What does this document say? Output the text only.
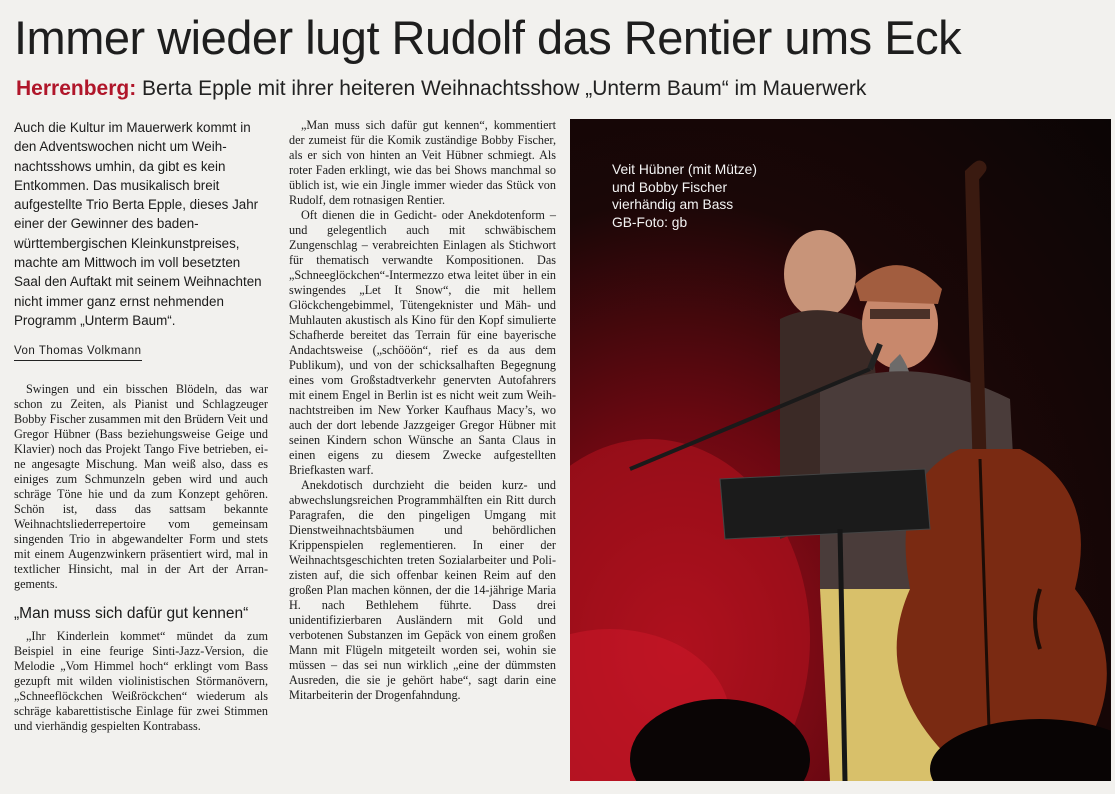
Immer wieder lugt Rudolf das Rentier ums Eck
Herrenberg: Berta Epple mit ihrer heiteren Weihnachtsshow „Unterm Baum“ im Mauerwerk
Auch die Kultur im Mauerwerk kommt in den Adventswochen nicht um Weihnachtsshows umhin, da gibt es kein Entkommen. Das musikalisch breit aufgestellte Trio Berta Epple, dieses Jahr einer der Gewinner des baden-württembergischen Kleinkunstpreises, machte am Mittwoch im voll besetzten Saal den Auftakt mit seinem Weihnachten nicht immer ganz ernst nehmenden Programm „Unterm Baum“.
Von Thomas Volkmann

Swingen und ein bisschen Blödeln, das war schon zu Zeiten, als Pianist und Schlagzeuger Bobby Fischer zusammen mit den Brüdern Veit und Gregor Hübner (Bass beziehungsweise Geige und Klavier) noch das Projekt Tango Five betrieben, eine angesagte Mischung. Man weiß also, dass es einiges zum Schmunzeln geben wird und auch schräge Töne hie und da zum Konzept gehören. Schön ist, dass das sattsam bekannte Weihnachtsliederrepertoire vom gemeinsam singenden Trio in abgewandelter Form und stets mit einem Augenzwinkern präsentiert wird, mal in textlicher Hinsicht, mal in der Art der Arrangements.

„Man muss sich dafür gut kennen“

„Ihr Kinderlein kommet“ mündet da zum Beispiel in eine feurige Sinti-Jazz-Version, die Melodie „Vom Himmel hoch“ erklingt vom Bass gezupft mit wilden violinistischen Störmanövern, „Schneeflöckchen Weißröckchen“ wiederum als schräge kabarettistische Einlage für zwei Stimmen und vierhändig gespielten Kontrabass.

„Man muss sich dafür gut kennen“, kommentiert der zumeist für die Komik zuständige Bobby Fischer, als er sich von hinten an Veit Hübner schmiegt. Als roter Faden erklingt, wie das bei Shows manchmal so üblich ist, wie ein Jingle immer wieder das Stück von Rudolf, dem rotnasigen Rentier.

Oft dienen die in Gedicht- oder Anekdotenform – und gelegentlich auch mit schwäbischem Zungenschlag – verabreichten Einlagen als Stichwort für thematisch verwandte Kompositionen. Das „Schneeglöckchen“-Intermezzo etwa leitet über in ein swingendes „Let It Snow“, die mit hellem Glöckchengebimmel, Tütengeknister und Mäh- und Muhlauten akustisch als Kino für den Kopf simulierte Schafherde bereitet das Terrain für eine bayerische Andachtsweise („schööön“, rief es da aus dem Publikum), und von der schicksalhaften Begegnung eines vom Großstadtverkehr genervten Autofahrers mit einem Engel in Berlin ist es nicht weit zum Weihnachtstreiben im New Yorker Kaufhaus Macy’s, wo auch der dort lebende Jazzgeiger Gregor Hübner mit seinen Kindern schon Wünsche an Santa Claus in einen eigens zu diesem Zwecke aufgestellten Briefkasten warf.

Anekdotisch durchzieht die beiden kurz- und abwechslungsreichen Programmhälften ein Ritt durch Paragrafen, die den pingeligen Umgang mit Dienstweihnachtsbäumen und behördlichen Krippenspielen reglementieren. In einer der Weihnachtsgeschichten treten Sozialarbeiter und Polizisten auf, die sich offenbar keinen Reim auf den großen Plan machen können, der die 14-jährige Maria H. nach Bethlehem führte. Dass drei unidentifizierbaren Ausländern mit Gold und verbotenen Substanzen im Gepäck von einem großen Mann mit Flügeln mitgeteilt worden sei, wohin sie müssen – das sei nun wirklich „eine der dümmsten Ausreden, die sie je gehört habe“, sagt darin eine Mitarbeiterin der Drogenfahndung.

Veit Hübner (mit Mütze)
und Bobby Fischer
vierhändig am Bass
GB-Foto: gb
